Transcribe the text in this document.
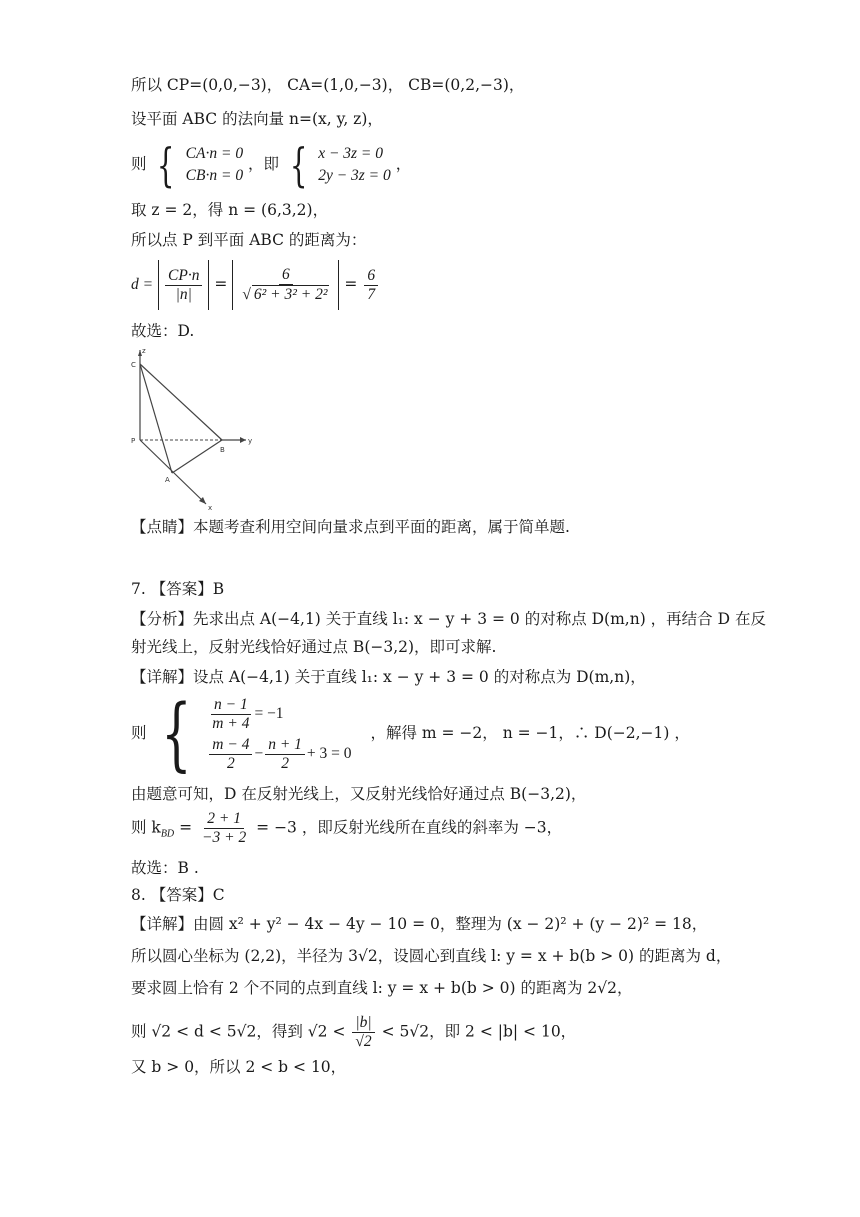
所以 CP=(0,0,−3)， CA=(1,0,−3)， CB=(0,2,−3)，
设平面 ABC 的法向量 n=(x, y, z)，
则 { CA·n = 0
CB·n = 0
，即 { x − 3z = 0
2y − 3z = 0
，
取 z = 2，得 n = (6,3,2)，
所以点 P 到平面 ABC 的距离为：
$d = \frac{CP\cdot n}{|n|} = \frac{6}{\text{√ 6² + 3² + 2²}} = \frac{6}{7}$
故选：D.
z
C
P	y
B
A
x
【点睛】本题考查利用空间向量求点到平面的距离，属于简单题.
7. 【答案】B
【分析】先求出点 A(−4,1) 关于直线 l₁: x − y + 3 = 0 的对称点 D(m,n) ，再结合 D 在反
射光线上，反射光线恰好通过点 B(−3,2)，即可求解.
【详解】设点 A(−4,1) 关于直线 l₁: x − y + 3 = 0 的对称点为 D(m,n)，
则 { $\frac{n - 1}{m + 4} = -1$
$\frac{m - 4}{2} - \frac{n + 1}{2} + 3 = 0$
，解得 m = −2， n = −1，∴ D(−2,−1) ，
由题意可知，D 在反射光线上，又反射光线恰好通过点 B(−3,2)，
则 $k_{BD} = \frac{2 + 1}{-3 + 2} = -3$ ，即反射光线所在直线的斜率为 −3，
故选：B .
8. 【答案】C
【详解】由圆 x² + y² − 4x − 4y − 10 = 0，整理为 (x − 2)² + (y − 2)² = 18，
所以圆心坐标为 (2,2)，半径为 3√2，设圆心到直线 l: y = x + b(b > 0) 的距离为 d，
要求圆上恰有 2 个不同的点到直线 l: y = x + b(b > 0) 的距离为 2√2，
则 √2 < d < 5√2，得到 $√2 < \frac{|b|}{√2} < 5√2$，即 2 < |b| < 10，
又 b > 0，所以 2 < b < 10，
